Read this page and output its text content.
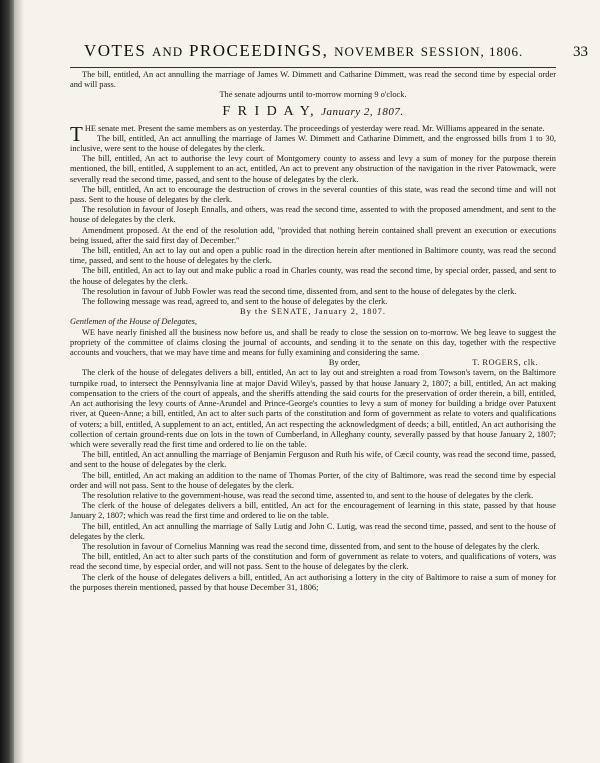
VOTES AND PROCEEDINGS, NOVEMBER SESSION, 1806.	33

The bill, entitled, An act annulling the marriage of James W. Dimmett and Catharine Dimmett, was read the second time by especial order and will pass.

The senate adjourns until to-morrow morning 9 o'clock.

F R I D A Y, January 2, 1807.

THE senate met. Present the same members as on yesterday. The proceedings of yesterday were read. Mr. Williams appeared in the senate.

The bill, entitled, An act annulling the marriage of James W. Dimmett and Catharine Dimmett, and the engrossed bills from 1 to 30, inclusive, were sent to the house of delegates by the clerk.

The bill, entitled, An act to authorise the levy court of Montgomery county to assess and levy a sum of money for the purpose therein mentioned, the bill, entitled, A supplement to an act, entitled, An act to prevent any obstruction of the navigation in the river Patowmack, were severally read the second time, passed, and sent to the house of delegates by the clerk.

The bill, entitled, An act to encourage the destruction of crows in the several counties of this state, was read the second time and will not pass. Sent to the house of delegates by the clerk.

The resolution in favour of Joseph Ennalls, and others, was read the second time, assented to with the proposed amendment, and sent to the house of delegates by the clerk.

Amendment proposed. At the end of the resolution add, "provided that nothing herein contained shall prevent an execution or executions being issued, after the said first day of December."

The bill, entitled, An act to lay out and open a public road in the direction herein after mentioned in Baltimore county, was read the second time, passed, and sent to the house of delegates by the clerk.

The bill, entitled, An act to lay out and make public a road in Charles county, was read the second time, by special order, passed, and sent to the house of delegates by the clerk.

The resolution in favour of Jubb Fowler was read the second time, dissented from, and sent to the house of delegates by the clerk.

The following message was read, agreed to, and sent to the house of delegates by the clerk.

By the SENATE, January 2, 1807.

Gentlemen of the House of Delegates,

WE have nearly finished all the business now before us, and shall be ready to close the session on to-morrow. We beg leave to suggest the propriety of the committee of claims closing the journal of accounts, and sending it to the senate on this day, together with the respective accounts and vouchers, that we may have time and means for fully examining and considering the same.

By order,	T. ROGERS, clk.

The clerk of the house of delegates delivers a bill, entitled, An act to lay out and streighten a road from Towson's tavern, on the Baltimore turnpike road, to intersect the Pennsylvania line at major David Wiley's, passed by that house January 2, 1807; a bill, entitled, An act making compensation to the criers of the court of appeals, and the sheriffs attending the said courts for the preservation of order therein, a bill, entitled, An act authorising the levy courts of Anne-Arundel and Prince-George's counties to levy a sum of money for building a bridge over Patuxent river, at Queen-Anne; a bill, entitled, An act to alter such parts of the constitution and form of government as relate to voters and qualifications of voters; a bill, entitled, A supplement to an act, entitled, An act respecting the acknowledgment of deeds; a bill, entitled, An act authorising the collection of certain ground-rents due on lots in the town of Cumberland, in Alleghany county, severally passed by that house January 2, 1807; which were severally read the first time and ordered to lie on the table.

The bill, entitled, An act annulling the marriage of Benjamin Ferguson and Ruth his wife, of Cæcil county, was read the second time, passed, and sent to the house of delegates by the clerk.

The bill, entitled, An act making an addition to the name of Thomas Porter, of the city of Baltimore, was read the second time by especial order and will not pass. Sent to the house of delegates by the clerk.

The resolution relative to the government-house, was read the second time, assented to, and sent to the house of delegates by the clerk.

The clerk of the house of delegates delivers a bill, entitled, An act for the encouragement of learning in this state, passed by that house January 2, 1807; which was read the first time and ordered to lie on the table.

The bill, entitled, An act annulling the marriage of Sally Lutig and John C. Lutig, was read the second time, passed, and sent to the house of delegates by the clerk.

The resolution in favour of Cornelius Manning was read the second time, dissented from, and sent to the house of delegates by the clerk.

The bill, entitled, An act to alter such parts of the constitution and form of government as relate to voters, and qualifications of voters, was read the second time, by especial order, and will not pass. Sent to the house of delegates by the clerk.

The clerk of the house of delegates delivers a bill, entitled, An act authorising a lottery in the city of Baltimore to raise a sum of money for the purposes therein mentioned, passed by that house December 31, 1806;
